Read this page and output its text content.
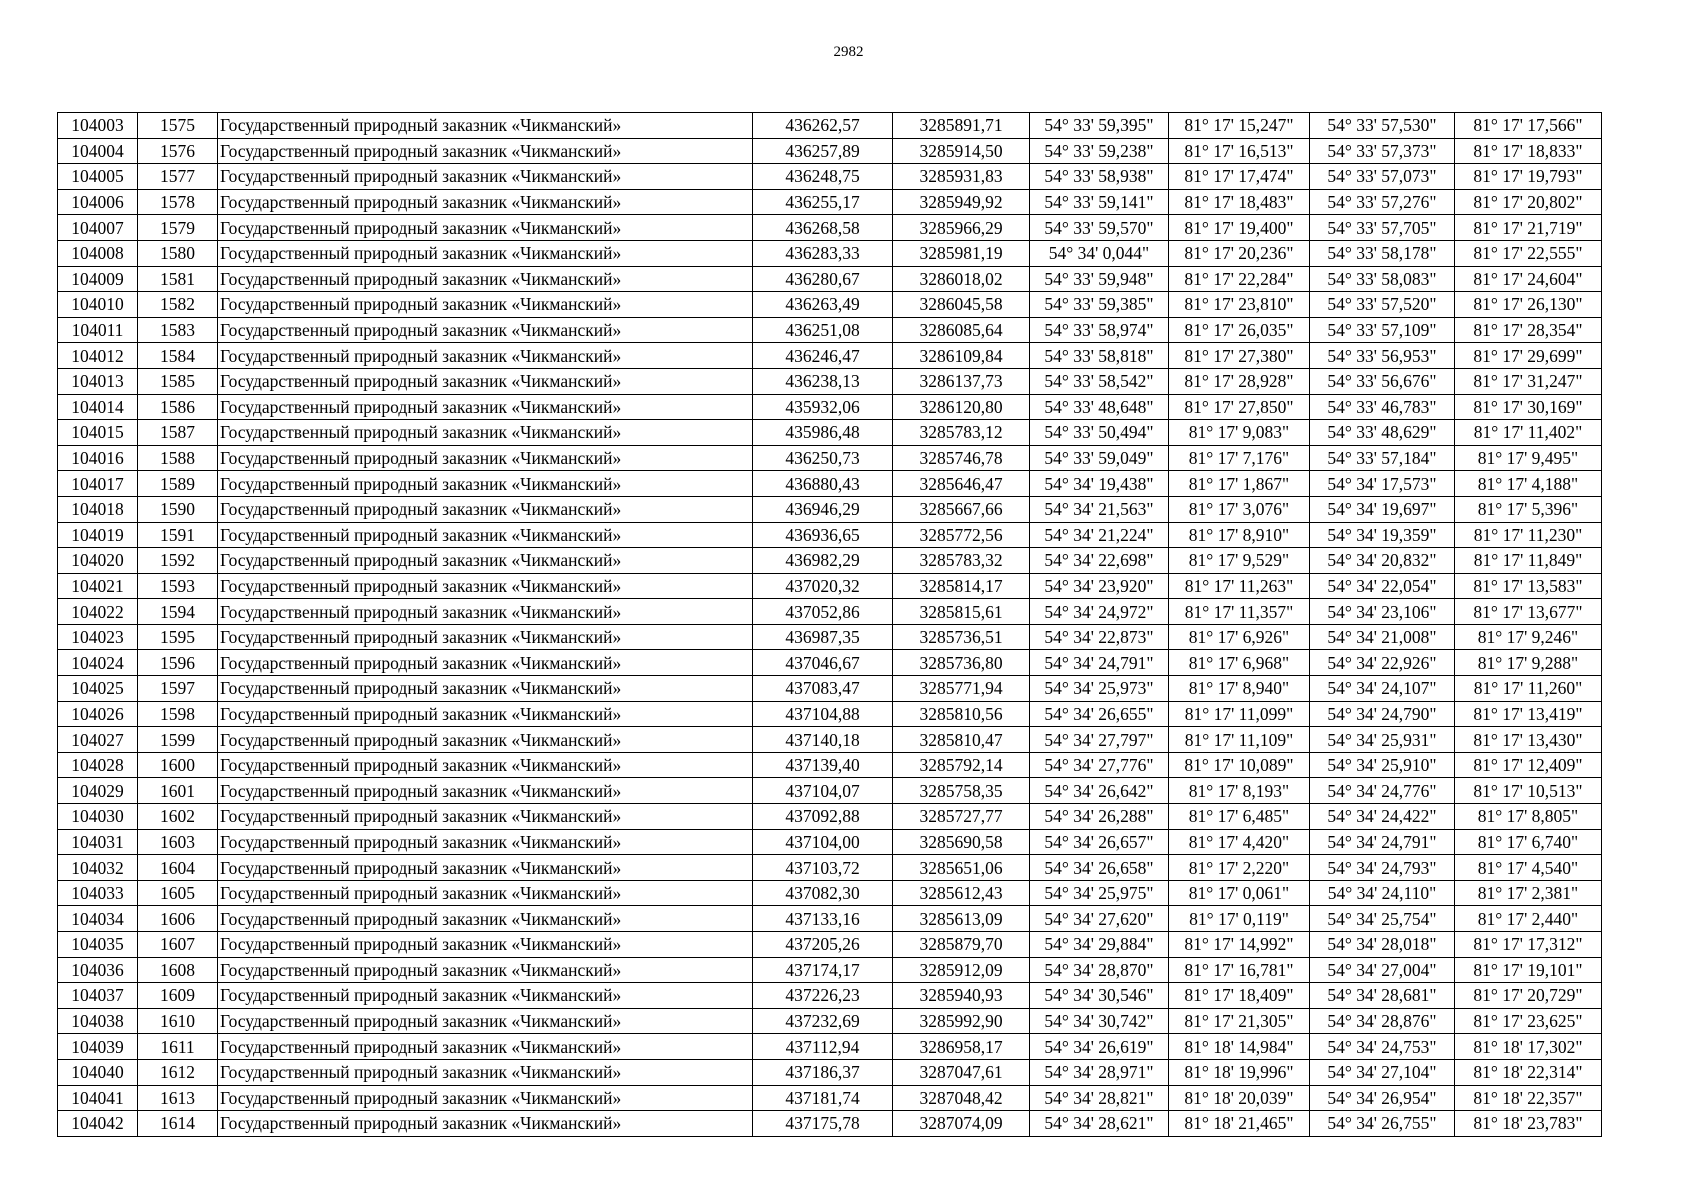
2982
104003	1575	Государственный природный заказник «Чикманский»	436262,57	3285891,71	54° 33' 59,395"	81° 17' 15,247"	54° 33' 57,530"	81° 17' 17,566"
104004	1576	Государственный природный заказник «Чикманский»	436257,89	3285914,50	54° 33' 59,238"	81° 17' 16,513"	54° 33' 57,373"	81° 17' 18,833"
104005	1577	Государственный природный заказник «Чикманский»	436248,75	3285931,83	54° 33' 58,938"	81° 17' 17,474"	54° 33' 57,073"	81° 17' 19,793"
104006	1578	Государственный природный заказник «Чикманский»	436255,17	3285949,92	54° 33' 59,141"	81° 17' 18,483"	54° 33' 57,276"	81° 17' 20,802"
104007	1579	Государственный природный заказник «Чикманский»	436268,58	3285966,29	54° 33' 59,570"	81° 17' 19,400"	54° 33' 57,705"	81° 17' 21,719"
104008	1580	Государственный природный заказник «Чикманский»	436283,33	3285981,19	54° 34' 0,044"	81° 17' 20,236"	54° 33' 58,178"	81° 17' 22,555"
104009	1581	Государственный природный заказник «Чикманский»	436280,67	3286018,02	54° 33' 59,948"	81° 17' 22,284"	54° 33' 58,083"	81° 17' 24,604"
104010	1582	Государственный природный заказник «Чикманский»	436263,49	3286045,58	54° 33' 59,385"	81° 17' 23,810"	54° 33' 57,520"	81° 17' 26,130"
104011	1583	Государственный природный заказник «Чикманский»	436251,08	3286085,64	54° 33' 58,974"	81° 17' 26,035"	54° 33' 57,109"	81° 17' 28,354"
104012	1584	Государственный природный заказник «Чикманский»	436246,47	3286109,84	54° 33' 58,818"	81° 17' 27,380"	54° 33' 56,953"	81° 17' 29,699"
104013	1585	Государственный природный заказник «Чикманский»	436238,13	3286137,73	54° 33' 58,542"	81° 17' 28,928"	54° 33' 56,676"	81° 17' 31,247"
104014	1586	Государственный природный заказник «Чикманский»	435932,06	3286120,80	54° 33' 48,648"	81° 17' 27,850"	54° 33' 46,783"	81° 17' 30,169"
104015	1587	Государственный природный заказник «Чикманский»	435986,48	3285783,12	54° 33' 50,494"	81° 17' 9,083"	54° 33' 48,629"	81° 17' 11,402"
104016	1588	Государственный природный заказник «Чикманский»	436250,73	3285746,78	54° 33' 59,049"	81° 17' 7,176"	54° 33' 57,184"	81° 17' 9,495"
104017	1589	Государственный природный заказник «Чикманский»	436880,43	3285646,47	54° 34' 19,438"	81° 17' 1,867"	54° 34' 17,573"	81° 17' 4,188"
104018	1590	Государственный природный заказник «Чикманский»	436946,29	3285667,66	54° 34' 21,563"	81° 17' 3,076"	54° 34' 19,697"	81° 17' 5,396"
104019	1591	Государственный природный заказник «Чикманский»	436936,65	3285772,56	54° 34' 21,224"	81° 17' 8,910"	54° 34' 19,359"	81° 17' 11,230"
104020	1592	Государственный природный заказник «Чикманский»	436982,29	3285783,32	54° 34' 22,698"	81° 17' 9,529"	54° 34' 20,832"	81° 17' 11,849"
104021	1593	Государственный природный заказник «Чикманский»	437020,32	3285814,17	54° 34' 23,920"	81° 17' 11,263"	54° 34' 22,054"	81° 17' 13,583"
104022	1594	Государственный природный заказник «Чикманский»	437052,86	3285815,61	54° 34' 24,972"	81° 17' 11,357"	54° 34' 23,106"	81° 17' 13,677"
104023	1595	Государственный природный заказник «Чикманский»	436987,35	3285736,51	54° 34' 22,873"	81° 17' 6,926"	54° 34' 21,008"	81° 17' 9,246"
104024	1596	Государственный природный заказник «Чикманский»	437046,67	3285736,80	54° 34' 24,791"	81° 17' 6,968"	54° 34' 22,926"	81° 17' 9,288"
104025	1597	Государственный природный заказник «Чикманский»	437083,47	3285771,94	54° 34' 25,973"	81° 17' 8,940"	54° 34' 24,107"	81° 17' 11,260"
104026	1598	Государственный природный заказник «Чикманский»	437104,88	3285810,56	54° 34' 26,655"	81° 17' 11,099"	54° 34' 24,790"	81° 17' 13,419"
104027	1599	Государственный природный заказник «Чикманский»	437140,18	3285810,47	54° 34' 27,797"	81° 17' 11,109"	54° 34' 25,931"	81° 17' 13,430"
104028	1600	Государственный природный заказник «Чикманский»	437139,40	3285792,14	54° 34' 27,776"	81° 17' 10,089"	54° 34' 25,910"	81° 17' 12,409"
104029	1601	Государственный природный заказник «Чикманский»	437104,07	3285758,35	54° 34' 26,642"	81° 17' 8,193"	54° 34' 24,776"	81° 17' 10,513"
104030	1602	Государственный природный заказник «Чикманский»	437092,88	3285727,77	54° 34' 26,288"	81° 17' 6,485"	54° 34' 24,422"	81° 17' 8,805"
104031	1603	Государственный природный заказник «Чикманский»	437104,00	3285690,58	54° 34' 26,657"	81° 17' 4,420"	54° 34' 24,791"	81° 17' 6,740"
104032	1604	Государственный природный заказник «Чикманский»	437103,72	3285651,06	54° 34' 26,658"	81° 17' 2,220"	54° 34' 24,793"	81° 17' 4,540"
104033	1605	Государственный природный заказник «Чикманский»	437082,30	3285612,43	54° 34' 25,975"	81° 17' 0,061"	54° 34' 24,110"	81° 17' 2,381"
104034	1606	Государственный природный заказник «Чикманский»	437133,16	3285613,09	54° 34' 27,620"	81° 17' 0,119"	54° 34' 25,754"	81° 17' 2,440"
104035	1607	Государственный природный заказник «Чикманский»	437205,26	3285879,70	54° 34' 29,884"	81° 17' 14,992"	54° 34' 28,018"	81° 17' 17,312"
104036	1608	Государственный природный заказник «Чикманский»	437174,17	3285912,09	54° 34' 28,870"	81° 17' 16,781"	54° 34' 27,004"	81° 17' 19,101"
104037	1609	Государственный природный заказник «Чикманский»	437226,23	3285940,93	54° 34' 30,546"	81° 17' 18,409"	54° 34' 28,681"	81° 17' 20,729"
104038	1610	Государственный природный заказник «Чикманский»	437232,69	3285992,90	54° 34' 30,742"	81° 17' 21,305"	54° 34' 28,876"	81° 17' 23,625"
104039	1611	Государственный природный заказник «Чикманский»	437112,94	3286958,17	54° 34' 26,619"	81° 18' 14,984"	54° 34' 24,753"	81° 18' 17,302"
104040	1612	Государственный природный заказник «Чикманский»	437186,37	3287047,61	54° 34' 28,971"	81° 18' 19,996"	54° 34' 27,104"	81° 18' 22,314"
104041	1613	Государственный природный заказник «Чикманский»	437181,74	3287048,42	54° 34' 28,821"	81° 18' 20,039"	54° 34' 26,954"	81° 18' 22,357"
104042	1614	Государственный природный заказник «Чикманский»	437175,78	3287074,09	54° 34' 28,621"	81° 18' 21,465"	54° 34' 26,755"	81° 18' 23,783"
